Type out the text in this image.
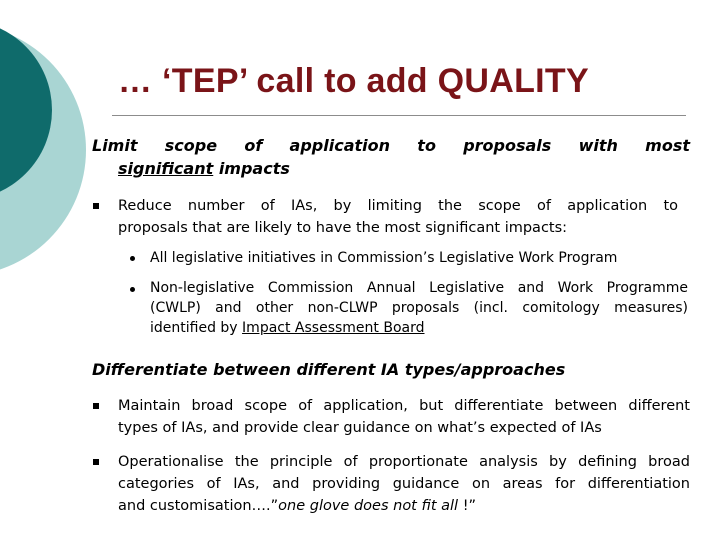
… ‘TEP’ call to add QUALITY
Limit scope of application to proposals with most
significant impacts
Reduce number of IAs, by limiting the scope of application to
proposals that are likely to have the most significant impacts:
All legislative initiatives in Commission’s Legislative Work Program
Non-legislative Commission Annual Legislative and Work Programme
(CWLP) and other non-CLWP proposals (incl. comitology measures)
identified by Impact Assessment Board
Differentiate between different IA types/approaches
Maintain broad scope of application, but differentiate between different
types of IAs, and provide clear guidance on what’s expected of IAs
Operationalise the principle of proportionate analysis by defining broad
categories of IAs, and providing guidance on areas for differentiation
and customisation….”one glove does not fit all !”
